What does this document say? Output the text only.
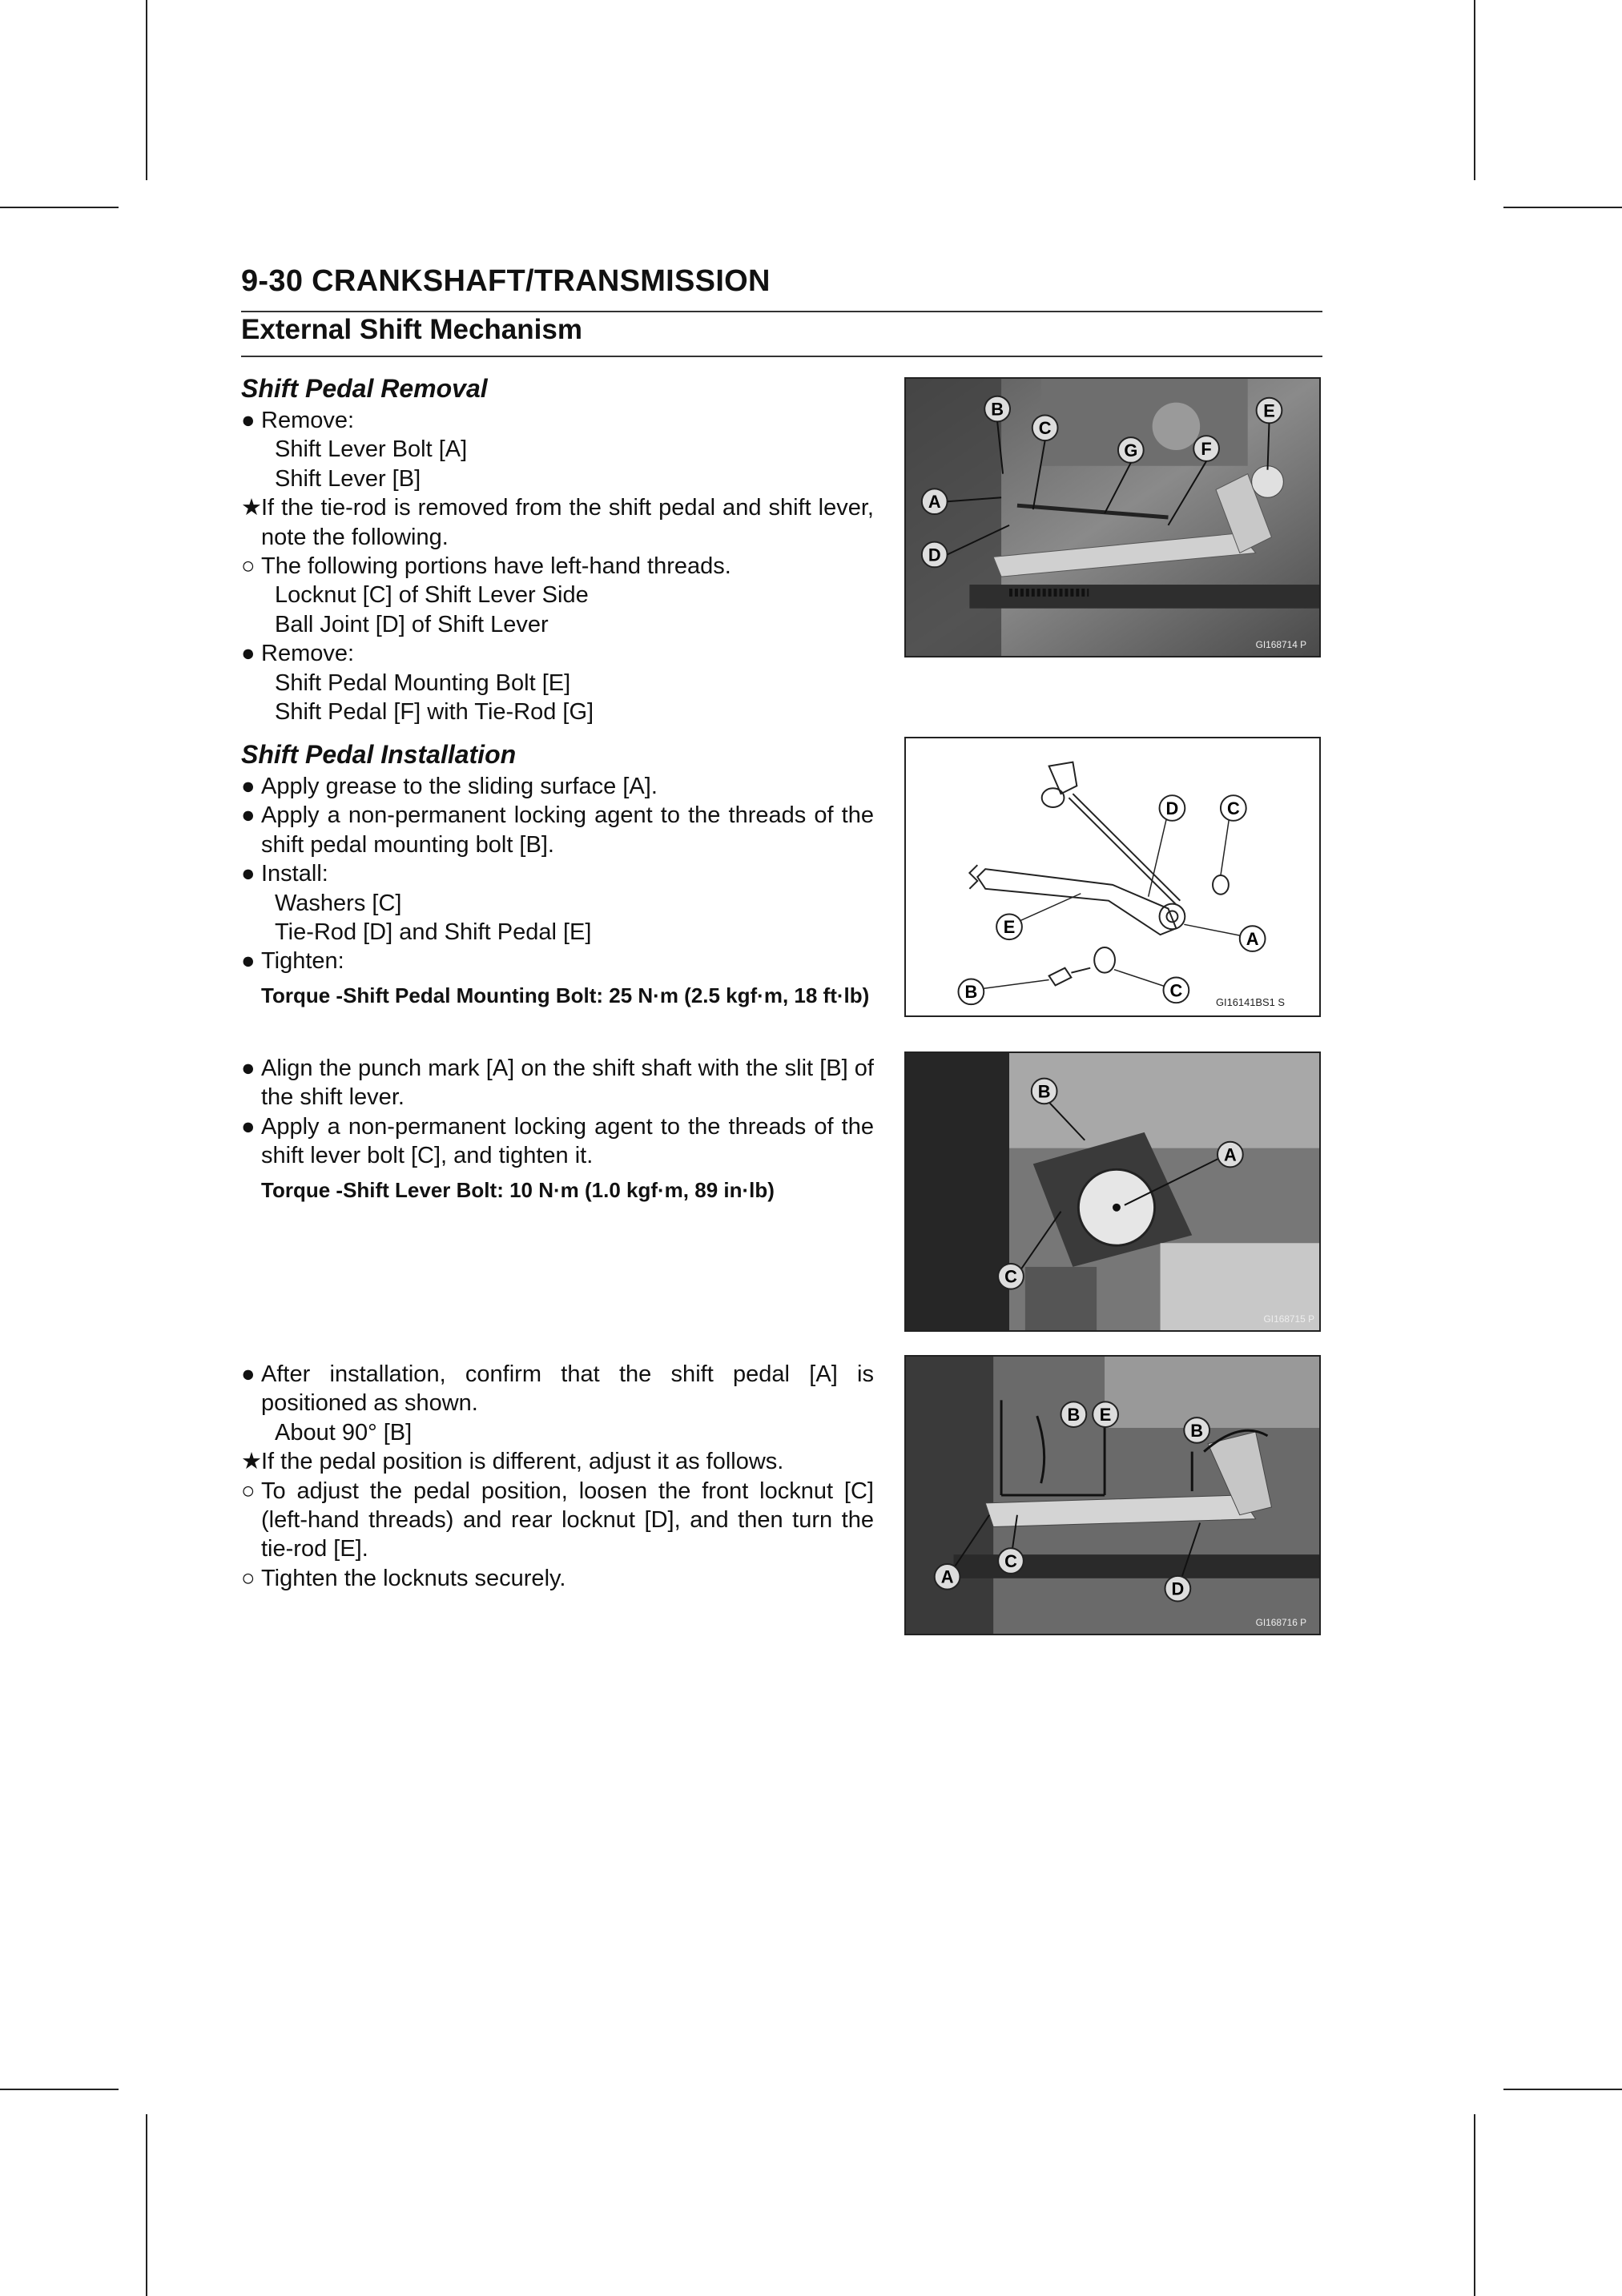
9-30 CRANKSHAFT/TRANSMISSION
External Shift Mechanism
Shift Pedal Removal
● Remove:
Shift Lever Bolt [A]
Shift Lever [B]
★ If the tie-rod is removed from the shift pedal and shift lever, note the following.
○ The following portions have left-hand threads.
Locknut [C] of Shift Lever Side
Ball Joint [D] of Shift Lever
● Remove:
Shift Pedal Mounting Bolt [E]
Shift Pedal [F] with Tie-Rod [G]
Shift Pedal Installation
● Apply grease to the sliding surface [A].
● Apply a non-permanent locking agent to the threads of the shift pedal mounting bolt [B].
● Install:
Washers [C]
Tie-Rod [D] and Shift Pedal [E]
● Tighten:
Torque - Shift Pedal Mounting Bolt: 25 N·m (2.5 kgf·m, 18 ft·lb)
● Align the punch mark [A] on the shift shaft with the slit [B] of the shift lever.
● Apply a non-permanent locking agent to the threads of the shift lever bolt [C], and tighten it.
Torque - Shift Lever Bolt: 10 N·m (1.0 kgf·m, 89 in·lb)
● After installation, confirm that the shift pedal [A] is positioned as shown.
About 90° [B]
★ If the pedal position is different, adjust it as follows.
○ To adjust the pedal position, loosen the front locknut [C] (left-hand threads) and rear locknut [D], and then turn the tie-rod [E].
○ Tighten the locknuts securely.
GI168714 P
B
C
G	F
E
A
D
D	C
E
A
B	C
GI16141BS1 S
GI168715 P
B
A
C
GI168716 P
B E
B
A
C
D
